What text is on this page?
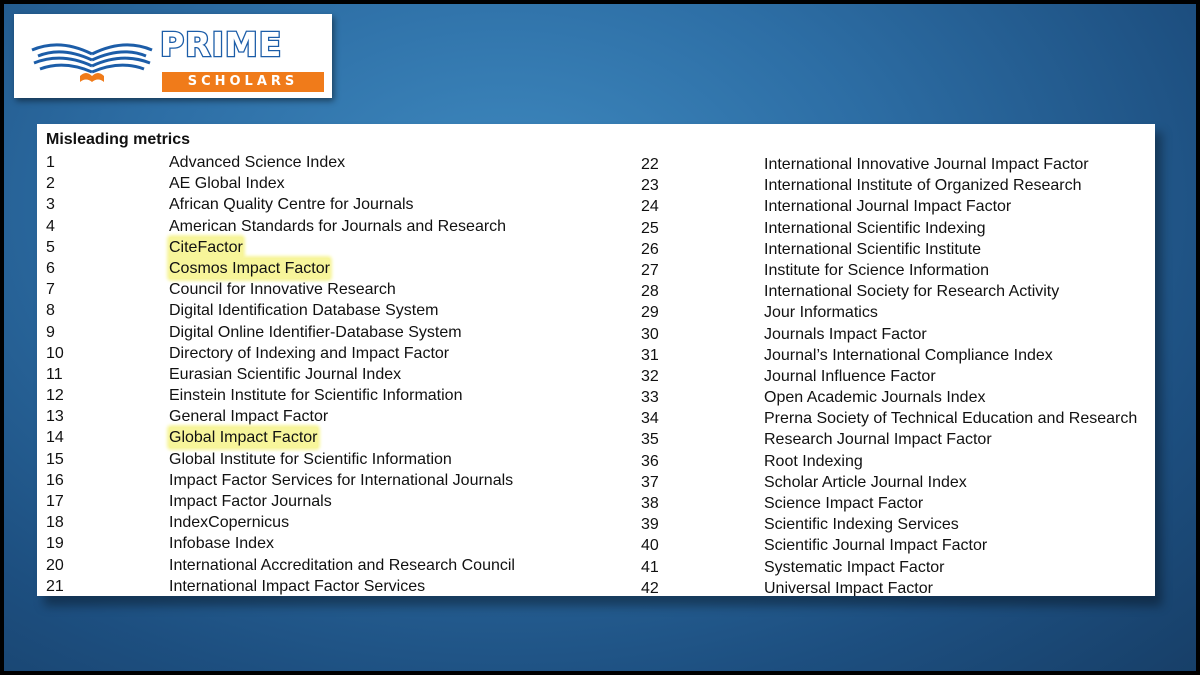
PRIME
SCHOLARS
Misleading metrics
1	Advanced Science Index
2	AE Global Index
3	African Quality Centre for Journals
4	American Standards for Journals and Research
5	CiteFactor
6	Cosmos Impact Factor
7	Council for Innovative Research
8	Digital Identification Database System
9	Digital Online Identifier-Database System
10	Directory of Indexing and Impact Factor
11	Eurasian Scientific Journal Index
12	Einstein Institute for Scientific Information
13	General Impact Factor
14	Global Impact Factor
15	Global Institute for Scientific Information
16	Impact Factor Services for International Journals
17	Impact Factor Journals
18	IndexCopernicus
19	Infobase Index
20	International Accreditation and Research Council
21	International Impact Factor Services
22	International Innovative Journal Impact Factor
23	International Institute of Organized Research
24	International Journal Impact Factor
25	International Scientific Indexing
26	International Scientific Institute
27	Institute for Science Information
28	International Society for Research Activity
29	Jour Informatics
30	Journals Impact Factor
31	Journal’s International Compliance Index
32	Journal Influence Factor
33	Open Academic Journals Index
34	Prerna Society of Technical Education and Research
35	Research Journal Impact Factor
36	Root Indexing
37	Scholar Article Journal Index
38	Science Impact Factor
39	Scientific Indexing Services
40	Scientific Journal Impact Factor
41	Systematic Impact Factor
42	Universal Impact Factor
